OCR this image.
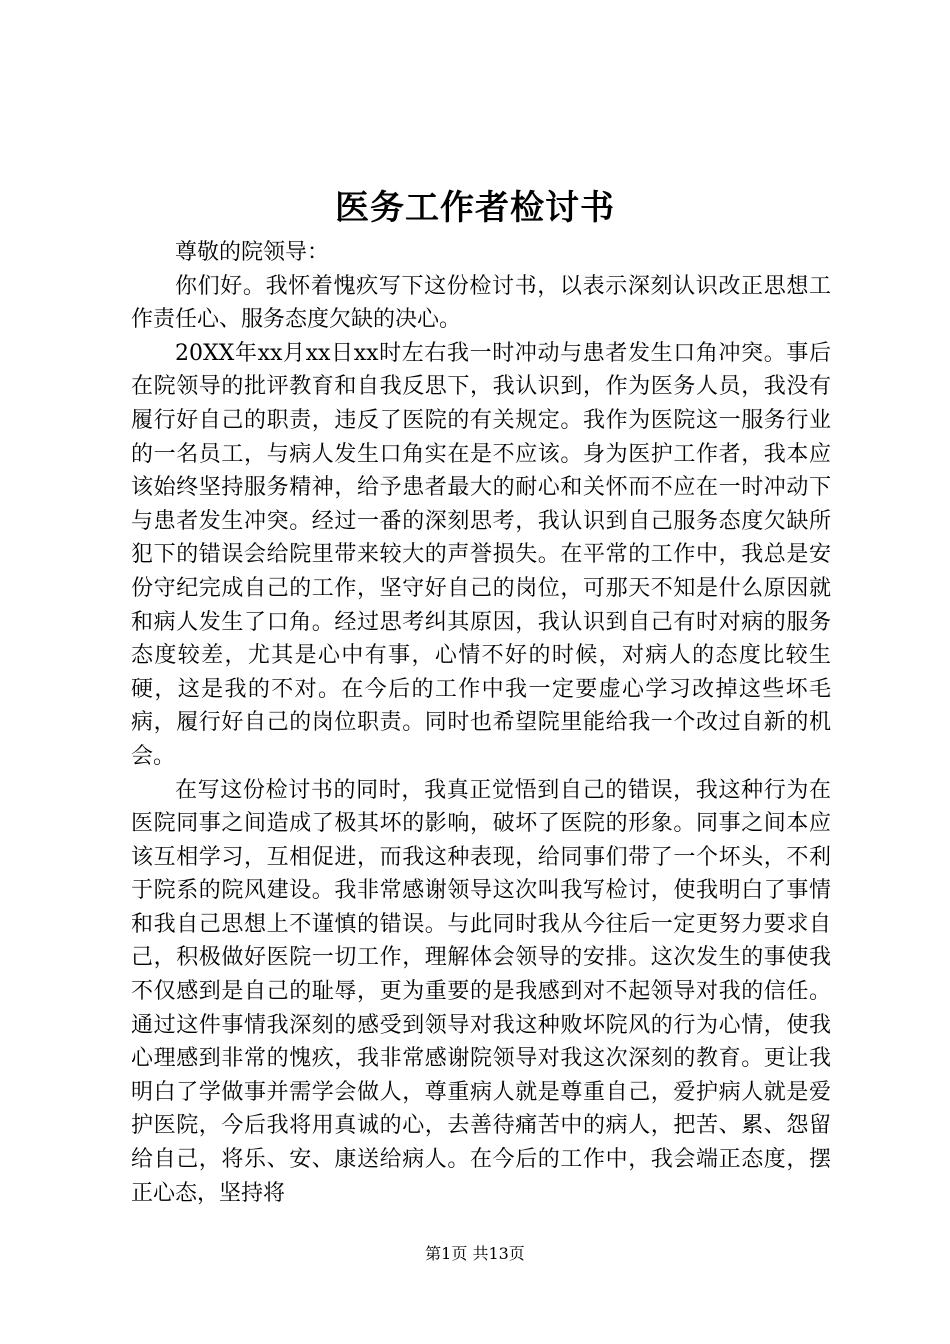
医务工作者检讨书

尊敬的院领导：

你们好。我怀着愧疚写下这份检讨书，以表示深刻认识改正思想工作责任心、服务态度欠缺的决心。

20XX年xx月xx日xx时左右我一时冲动与患者发生口角冲突。事后在院领导的批评教育和自我反思下，我认识到，作为医务人员，我没有履行好自己的职责，违反了医院的有关规定。我作为医院这一服务行业的一名员工，与病人发生口角实在是不应该。身为医护工作者，我本应该始终坚持服务精神，给予患者最大的耐心和关怀而不应在一时冲动下与患者发生冲突。经过一番的深刻思考，我认识到自己服务态度欠缺所犯下的错误会给院里带来较大的声誉损失。在平常的工作中，我总是安份守纪完成自己的工作，坚守好自己的岗位，可那天不知是什么原因就和病人发生了口角。经过思考纠其原因，我认识到自己有时对病的服务态度较差，尤其是心中有事，心情不好的时候，对病人的态度比较生硬，这是我的不对。在今后的工作中我一定要虚心学习改掉这些坏毛病，履行好自己的岗位职责。同时也希望院里能给我一个改过自新的机会。

在写这份检讨书的同时，我真正觉悟到自己的错误，我这种行为在医院同事之间造成了极其坏的影响，破坏了医院的形象。同事之间本应该互相学习，互相促进，而我这种表现，给同事们带了一个坏头，不利于院系的院风建设。我非常感谢领导这次叫我写检讨，使我明白了事情和我自己思想上不谨慎的错误。与此同时我从今往后一定更努力要求自己，积极做好医院一切工作，理解体会领导的安排。这次发生的事使我不仅感到是自己的耻辱，更为重要的是我感到对不起领导对我的信任。通过这件事情我深刻的感受到领导对我这种败坏院风的行为心情，使我心理感到非常的愧疚，我非常感谢院领导对我这次深刻的教育。更让我明白了学做事并需学会做人，尊重病人就是尊重自己，爱护病人就是爱护医院，今后我将用真诚的心，去善待痛苦中的病人，把苦、累、怨留给自己，将乐、安、康送给病人。在今后的工作中，我会端正态度，摆正心态，坚持将

第1页 共13页
